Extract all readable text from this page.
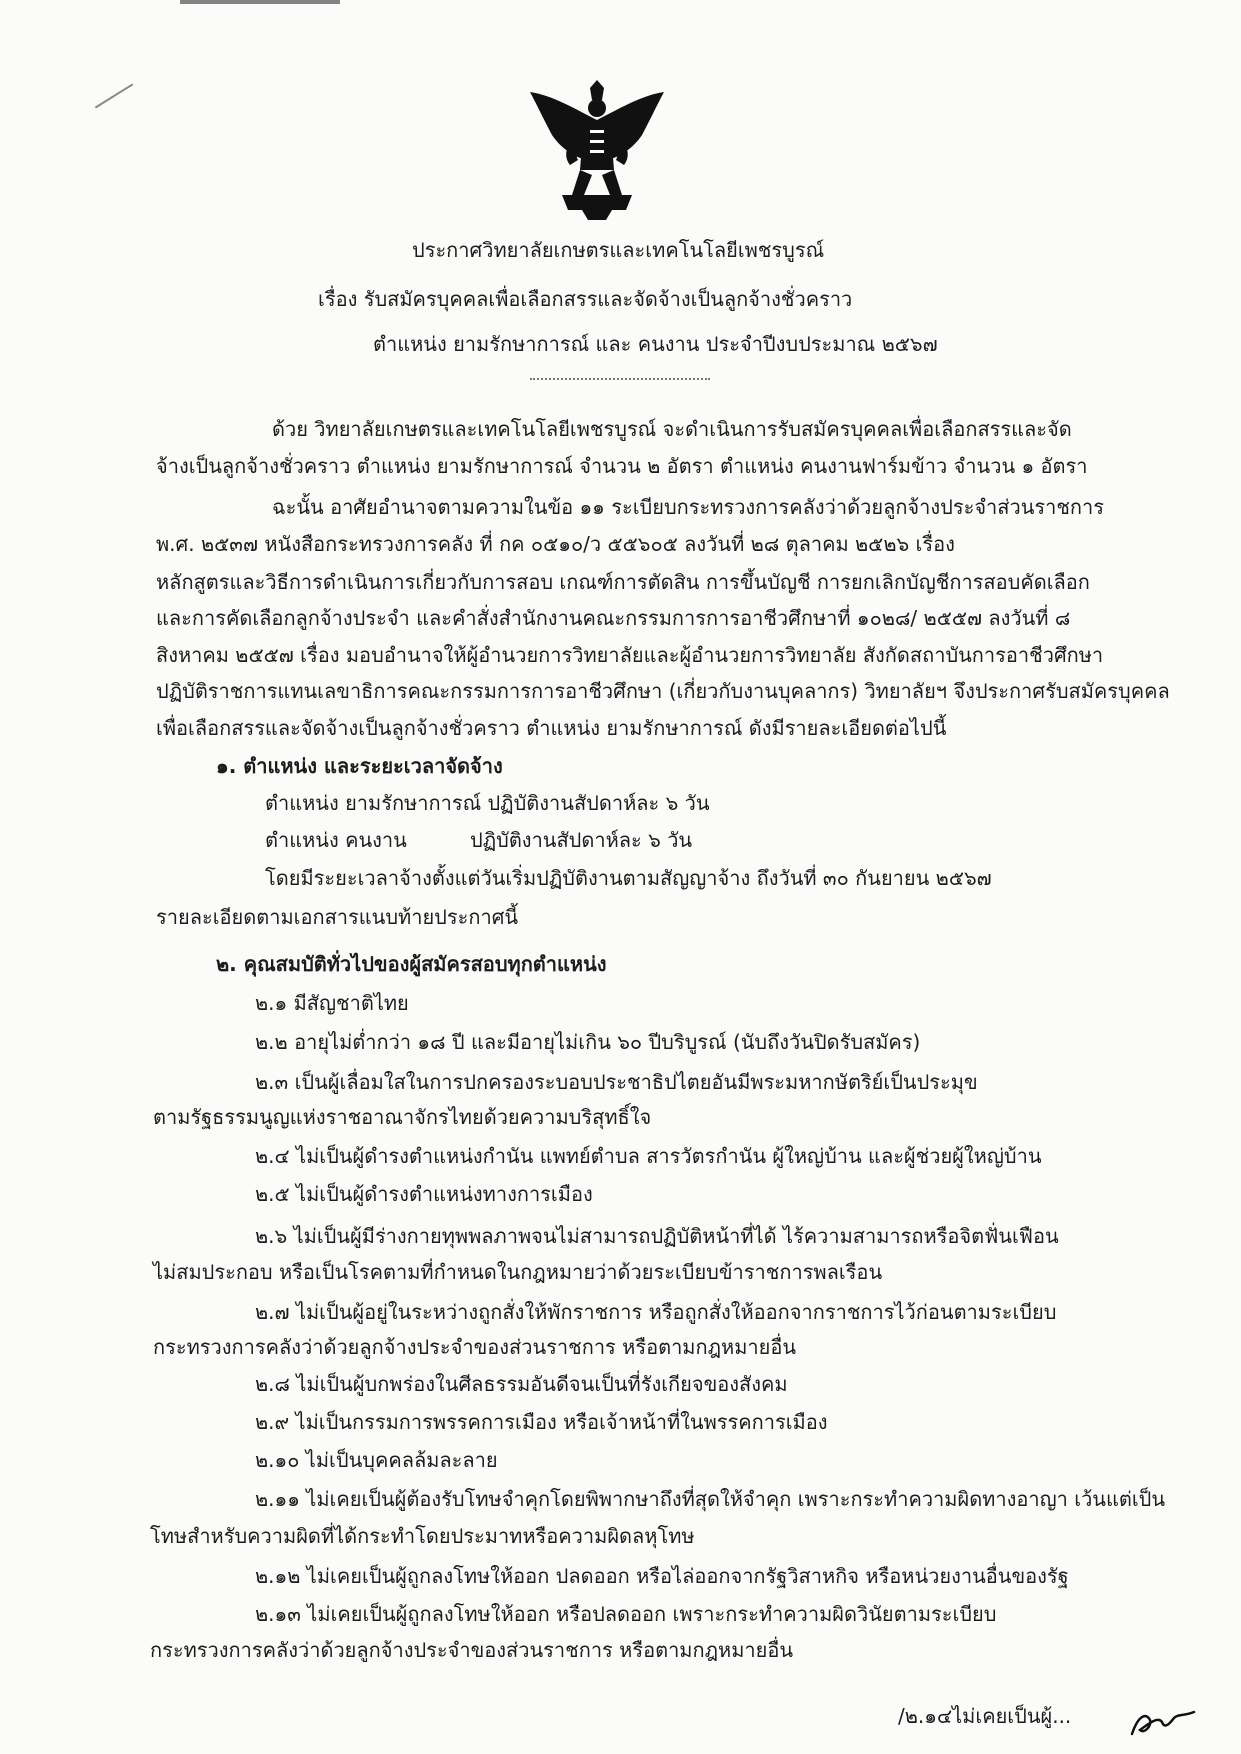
ประกาศวิทยาลัยเกษตรและเทคโนโลยีเพชรบูรณ์
เรื่อง รับสมัครบุคคลเพื่อเลือกสรรและจัดจ้างเป็นลูกจ้างชั่วคราว
ตำแหน่ง ยามรักษาการณ์ และ คนงาน ประจำปีงบประมาณ ๒๕๖๗
ด้วย วิทยาลัยเกษตรและเทคโนโลยีเพชรบูรณ์ จะดำเนินการรับสมัครบุคคลเพื่อเลือกสรรและจัด
จ้างเป็นลูกจ้างชั่วคราว ตำแหน่ง ยามรักษาการณ์ จำนวน ๒ อัตรา ตำแหน่ง คนงานฟาร์มข้าว จำนวน ๑ อัตรา
ฉะนั้น อาศัยอำนาจตามความในข้อ ๑๑ ระเบียบกระทรวงการคลังว่าด้วยลูกจ้างประจำส่วนราชการ
พ.ศ. ๒๕๓๗ หนังสือกระทรวงการคลัง ที่ กค ๐๕๑๐/ว ๕๕๖๐๕ ลงวันที่ ๒๘ ตุลาคม ๒๕๒๖ เรื่อง
หลักสูตรและวิธีการดำเนินการเกี่ยวกับการสอบ เกณฑ์การตัดสิน การขึ้นบัญชี การยกเลิกบัญชีการสอบคัดเลือก
และการคัดเลือกลูกจ้างประจำ และคำสั่งสำนักงานคณะกรรมการการอาชีวศึกษาที่ ๑๐๒๘/ ๒๕๕๗ ลงวันที่ ๘
สิงหาคม ๒๕๕๗ เรื่อง มอบอำนาจให้ผู้อำนวยการวิทยาลัยและผู้อำนวยการวิทยาลัย สังกัดสถาบันการอาชีวศึกษา
ปฏิบัติราชการแทนเลขาธิการคณะกรรมการการอาชีวศึกษา (เกี่ยวกับงานบุคลากร) วิทยาลัยฯ จึงประกาศรับสมัครบุคคล
เพื่อเลือกสรรและจัดจ้างเป็นลูกจ้างชั่วคราว ตำแหน่ง ยามรักษาการณ์ ดังมีรายละเอียดต่อไปนี้
๑. ตำแหน่ง และระยะเวลาจัดจ้าง
ตำแหน่ง ยามรักษาการณ์ ปฏิบัติงานสัปดาห์ละ ๖ วัน
ตำแหน่ง คนงาน	ปฏิบัติงานสัปดาห์ละ ๖ วัน
โดยมีระยะเวลาจ้างตั้งแต่วันเริ่มปฏิบัติงานตามสัญญาจ้าง ถึงวันที่ ๓๐ กันยายน ๒๕๖๗
รายละเอียดตามเอกสารแนบท้ายประกาศนี้
๒. คุณสมบัติทั่วไปของผู้สมัครสอบทุกตำแหน่ง
๒.๑ มีสัญชาติไทย
๒.๒ อายุไม่ต่ำกว่า ๑๘ ปี และมีอายุไม่เกิน ๖๐ ปีบริบูรณ์ (นับถึงวันปิดรับสมัคร)
๒.๓ เป็นผู้เลื่อมใสในการปกครองระบอบประชาธิปไตยอันมีพระมหากษัตริย์เป็นประมุข
ตามรัฐธรรมนูญแห่งราชอาณาจักรไทยด้วยความบริสุทธิ์ใจ
๒.๔ ไม่เป็นผู้ดำรงตำแหน่งกำนัน แพทย์ตำบล สารวัตรกำนัน ผู้ใหญ่บ้าน และผู้ช่วยผู้ใหญ่บ้าน
๒.๕ ไม่เป็นผู้ดำรงตำแหน่งทางการเมือง
๒.๖ ไม่เป็นผู้มีร่างกายทุพพลภาพจนไม่สามารถปฏิบัติหน้าที่ได้ ไร้ความสามารถหรือจิตฟั่นเฟือน
ไม่สมประกอบ หรือเป็นโรคตามที่กำหนดในกฎหมายว่าด้วยระเบียบข้าราชการพลเรือน
๒.๗ ไม่เป็นผู้อยู่ในระหว่างถูกสั่งให้พักราชการ หรือถูกสั่งให้ออกจากราชการไว้ก่อนตามระเบียบ
กระทรวงการคลังว่าด้วยลูกจ้างประจำของส่วนราชการ หรือตามกฎหมายอื่น
๒.๘ ไม่เป็นผู้บกพร่องในศีลธรรมอันดีจนเป็นที่รังเกียจของสังคม
๒.๙ ไม่เป็นกรรมการพรรคการเมือง หรือเจ้าหน้าที่ในพรรคการเมือง
๒.๑๐ ไม่เป็นบุคคลล้มละลาย
๒.๑๑ ไม่เคยเป็นผู้ต้องรับโทษจำคุกโดยพิพากษาถึงที่สุดให้จำคุก เพราะกระทำความผิดทางอาญา เว้นแต่เป็น
โทษสำหรับความผิดที่ได้กระทำโดยประมาทหรือความผิดลหุโทษ
๒.๑๒ ไม่เคยเป็นผู้ถูกลงโทษให้ออก ปลดออก หรือไล่ออกจากรัฐวิสาหกิจ หรือหน่วยงานอื่นของรัฐ
๒.๑๓ ไม่เคยเป็นผู้ถูกลงโทษให้ออก หรือปลดออก เพราะกระทำความผิดวินัยตามระเบียบ
กระทรวงการคลังว่าด้วยลูกจ้างประจำของส่วนราชการ หรือตามกฎหมายอื่น
/๒.๑๔ไม่เคยเป็นผู้...
